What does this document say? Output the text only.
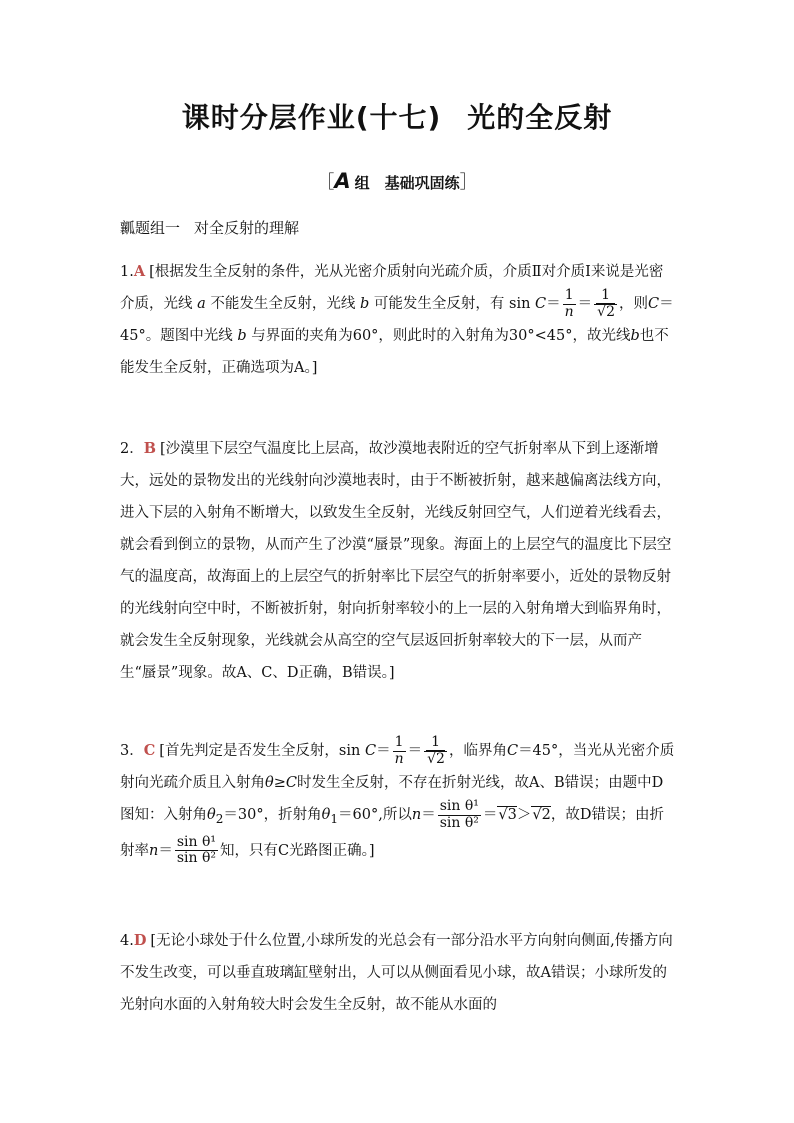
课时分层作业(十七) 光的全反射
［A 组　基础巩固练］
瓤题组一 对全反射的理解
1.A [根据发生全反射的条件，光从光密介质射向光疏介质，介质Ⅱ对介质Ⅰ来说是光密介质，光线 a 不能发生全反射，光线 b 可能发生全反射，有 $\sin C= \frac{1}{n} = 1$
√ 2 ，则C＝45°。题图中光线 b 与界面的夹角为60°，则此时的入射角为30°<45°，故光线b也不能发生全反射，正确选项为A。]
2．B [沙漠里下层空气温度比上层高，故沙漠地表附近的空气折射率从下到上逐渐增大，远处的景物发出的光线射向沙漠地表时，由于不断被折射，越来越偏离法线方向，进入下层的入射角不断增大，以致发生全反射，光线反射回空气，人们逆着光线看去，就会看到倒立的景物，从而产生了沙漠“蜃景”现象。海面上的上层空气的温度比下层空气的温度高，故海面上的上层空气的折射率比下层空气的折射率要小，近处的景物反射的光线射向空中时，不断被折射，射向折射率较小的上一层的入射角增大到临界角时，就会发生全反射现象，光线就会从高空的空气层返回折射率较大的下一层，从而产生“蜃景”现象。故A、C、D正确，B错误。]
3．C [首先判定是否发生全反射，$\sin C= \frac{1}{n} = 1$
√ 2 ，临界角C＝45°，当光从光密介质射向光疏介质且入射角θ≥C时发生全反射，不存在折射光线，故A、B错误；由题中D图知：入射角$\theta_2=30^\circ$，折射角$\theta_1=60^\circ$,所以$n= \frac{\text{sin θ¹}}{\text{sin θ²}}$ ＝ √ 3＞ √ 2，故D错误；由折射率$n= \frac{\text{sin θ¹}}{\text{sin θ²}}$ 知，只有C光路图正确。]
4.D [无论小球处于什么位置,小球所发的光总会有一部分沿水平方向射向侧面,传播方向不发生改变，可以垂直玻璃缸壁射出，人可以从侧面看见小球，故A错误；小球所发的光射向水面的入射角较大时会发生全反射，故不能从水面的
